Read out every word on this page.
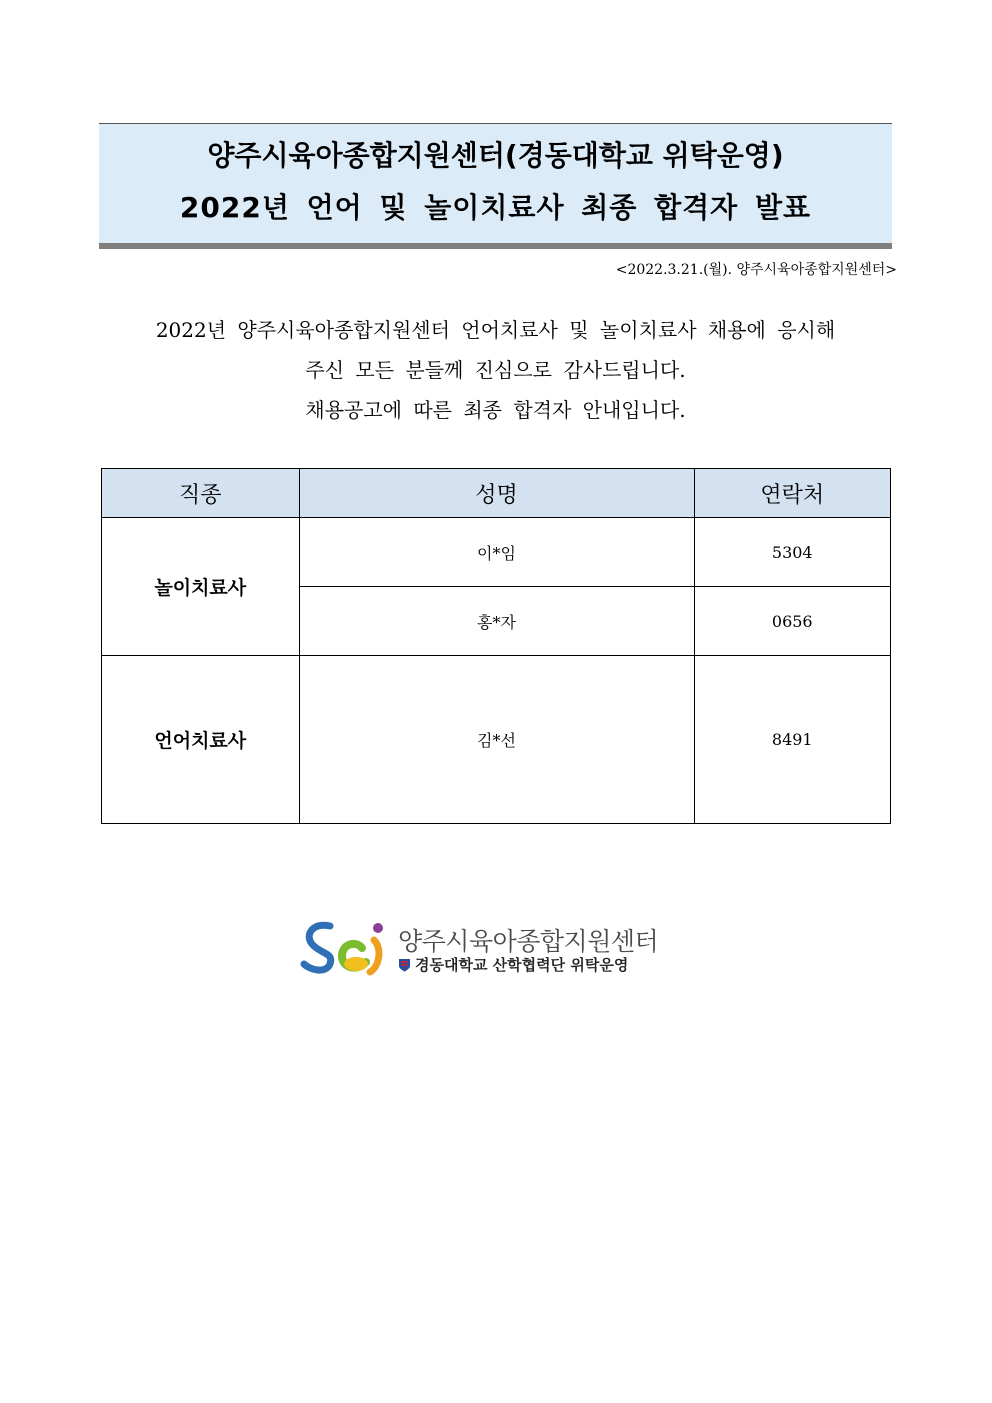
양주시육아종합지원센터(경동대학교 위탁운영)
2022년 언어 및 놀이치료사 최종 합격자 발표
<2022.3.21.(월). 양주시육아종합지원센터>
2022년 양주시육아종합지원센터 언어치료사 및 놀이치료사 채용에 응시해
주신 모든 분들께 진심으로 감사드립니다.
채용공고에 따른 최종 합격자 안내입니다.
직종	성명	연락처
놀이치료사	이*임	5304
	홍*자	0656
언어치료사	김*선	8491
양주시육아종합지원센터
경동대학교 산학협력단 위탁운영
